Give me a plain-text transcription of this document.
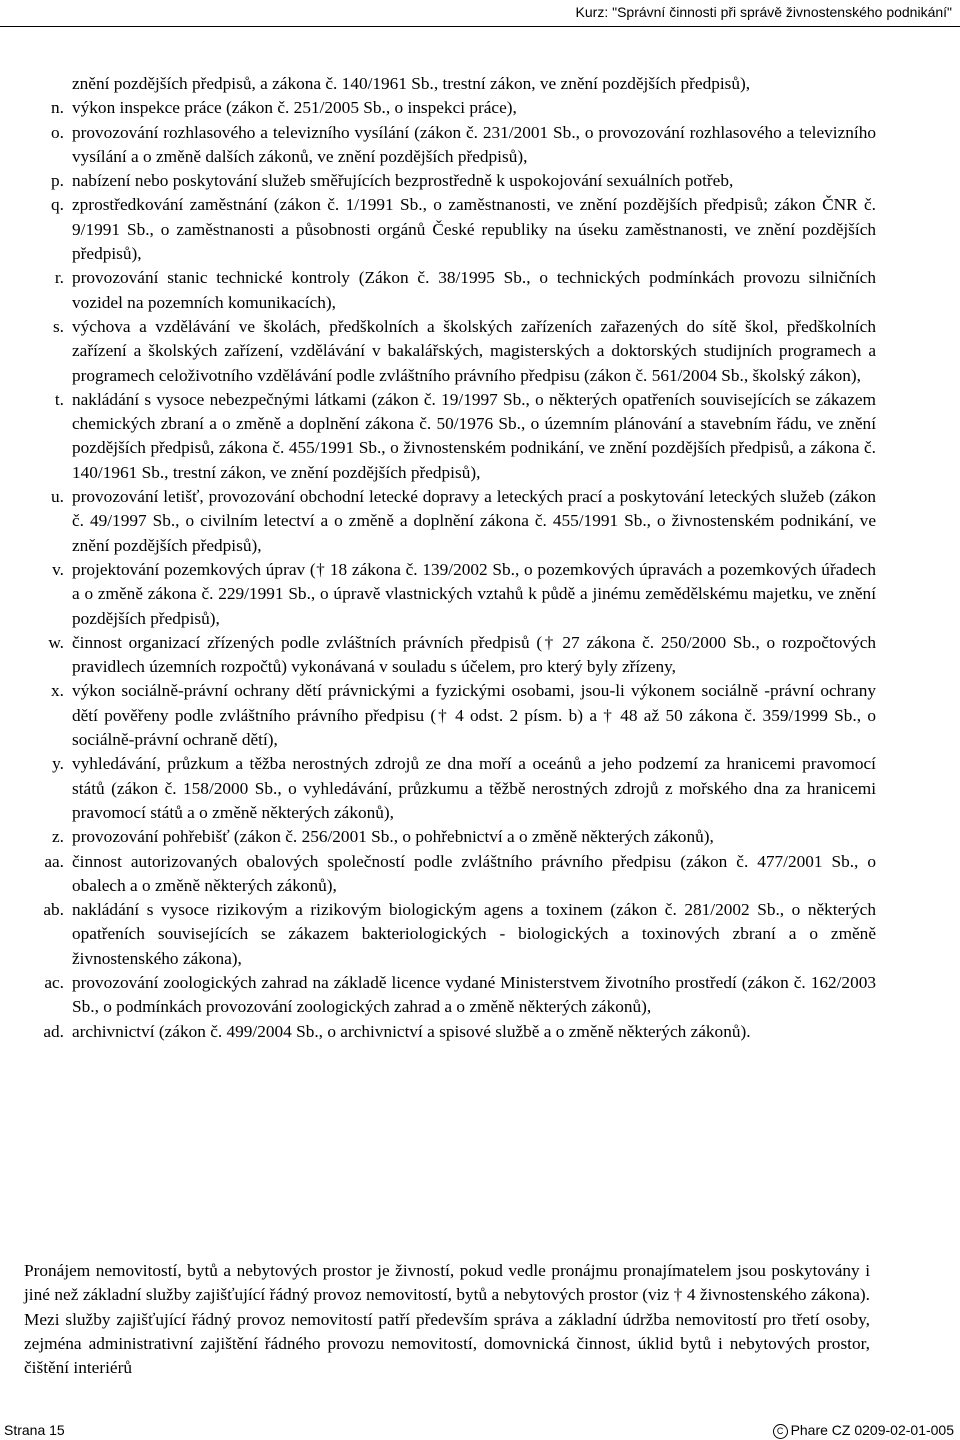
Kurz: "Správní činnosti při správě živnostenského podnikání"
znění pozdějších předpisů, a zákona č. 140/1961 Sb., trestní zákon, ve znění pozdějších předpisů),
n. výkon inspekce práce (zákon č. 251/2005 Sb., o inspekci práce),
o. provozování rozhlasového a televizního vysílání (zákon č. 231/2001 Sb., o provozování rozhlasového a televizního vysílání a o změně dalších zákonů, ve znění pozdějších předpisů),
p. nabízení nebo poskytování služeb směřujících bezprostředně k uspokojování sexuálních potřeb,
q. zprostředkování zaměstnání (zákon č. 1/1991 Sb., o zaměstnanosti, ve znění pozdějších předpisů; zákon ČNR č. 9/1991 Sb., o zaměstnanosti a působnosti orgánů České republiky na úseku zaměstnanosti, ve znění pozdějších předpisů),
r. provozování stanic technické kontroly (Zákon č. 38/1995 Sb., o technických podmínkách provozu silničních vozidel na pozemních komunikacích),
s. výchova a vzdělávání ve školách, předškolních a školských zařízeních zařazených do sítě škol, předškolních zařízení a školských zařízení, vzdělávání v bakalářských, magisterských a doktorských studijních programech a programech celoživotního vzdělávání podle zvláštního právního předpisu (zákon č. 561/2004 Sb., školský zákon),
t. nakládání s vysoce nebezpečnými látkami (zákon č. 19/1997 Sb., o některých opatřeních souvisejících se zákazem chemických zbraní a o změně a doplnění zákona č. 50/1976 Sb., o územním plánování a stavebním řádu, ve znění pozdějších předpisů, zákona č. 455/1991 Sb., o živnostenském podnikání, ve znění pozdějších předpisů, a zákona č. 140/1961 Sb., trestní zákon, ve znění pozdějších předpisů),
u. provozování letišť, provozování obchodní letecké dopravy a leteckých prací a poskytování leteckých služeb (zákon č. 49/1997 Sb., o civilním letectví a o změně a doplnění zákona č. 455/1991 Sb., o živnostenském podnikání, ve znění pozdějších předpisů),
v. projektování pozemkových úprav († 18 zákona č. 139/2002 Sb., o pozemkových úpravách a pozemkových úřadech a o změně zákona č. 229/1991 Sb., o úpravě vlastnických vztahů k půdě a jinému zemědělskému majetku, ve znění pozdějších předpisů),
w. činnost organizací zřízených podle zvláštních právních předpisů († 27 zákona č. 250/2000 Sb., o rozpočtových pravidlech územních rozpočtů) vykonávaná v souladu s účelem, pro který byly zřízeny,
x. výkon sociálně-právní ochrany dětí právnickými a fyzickými osobami, jsou-li výkonem sociálně -právní ochrany dětí pověřeny podle zvláštního právního předpisu († 4 odst. 2 písm. b) a † 48 až 50 zákona č. 359/1999 Sb., o sociálně-právní ochraně dětí),
y. vyhledávání, průzkum a těžba nerostných zdrojů ze dna moří a oceánů a jeho podzemí za hranicemi pravomocí států (zákon č. 158/2000 Sb., o vyhledávání, průzkumu a těžbě nerostných zdrojů z mořského dna za hranicemi pravomocí států a o změně některých zákonů),
z. provozování pohřebišť (zákon č. 256/2001 Sb., o pohřebnictví a o změně některých zákonů),
aa. činnost autorizovaných obalových společností podle zvláštního právního předpisu (zákon č. 477/2001 Sb., o obalech a o změně některých zákonů),
ab. nakládání s vysoce rizikovým a rizikovým biologickým agens a toxinem (zákon č. 281/2002 Sb., o některých opatřeních souvisejících se zákazem bakteriologických - biologických a toxinových zbraní a o změně živnostenského zákona),
ac. provozování zoologických zahrad na základě licence vydané Ministerstvem životního prostředí (zákon č. 162/2003 Sb., o podmínkách provozování zoologických zahrad a o změně některých zákonů),
ad. archivnictví (zákon č. 499/2004 Sb., o archivnictví a spisové službě a o změně některých zákonů).

Pronájem nemovitostí, bytů a nebytových prostor je živností, pokud vedle pronájmu pronajímatelem jsou poskytovány i jiné než základní služby zajišťující řádný provoz nemovitostí, bytů a nebytových prostor (viz † 4 živnostenského zákona). Mezi služby zajišťující řádný provoz nemovitostí patří především správa a základní údržba nemovitostí pro třetí osoby, zejména administrativní zajištění řádného provozu nemovitostí, domovnická činnost, úklid bytů i nebytových prostor, čištění interiérů

Strana 15	C Phare CZ 0209-02-01-005
